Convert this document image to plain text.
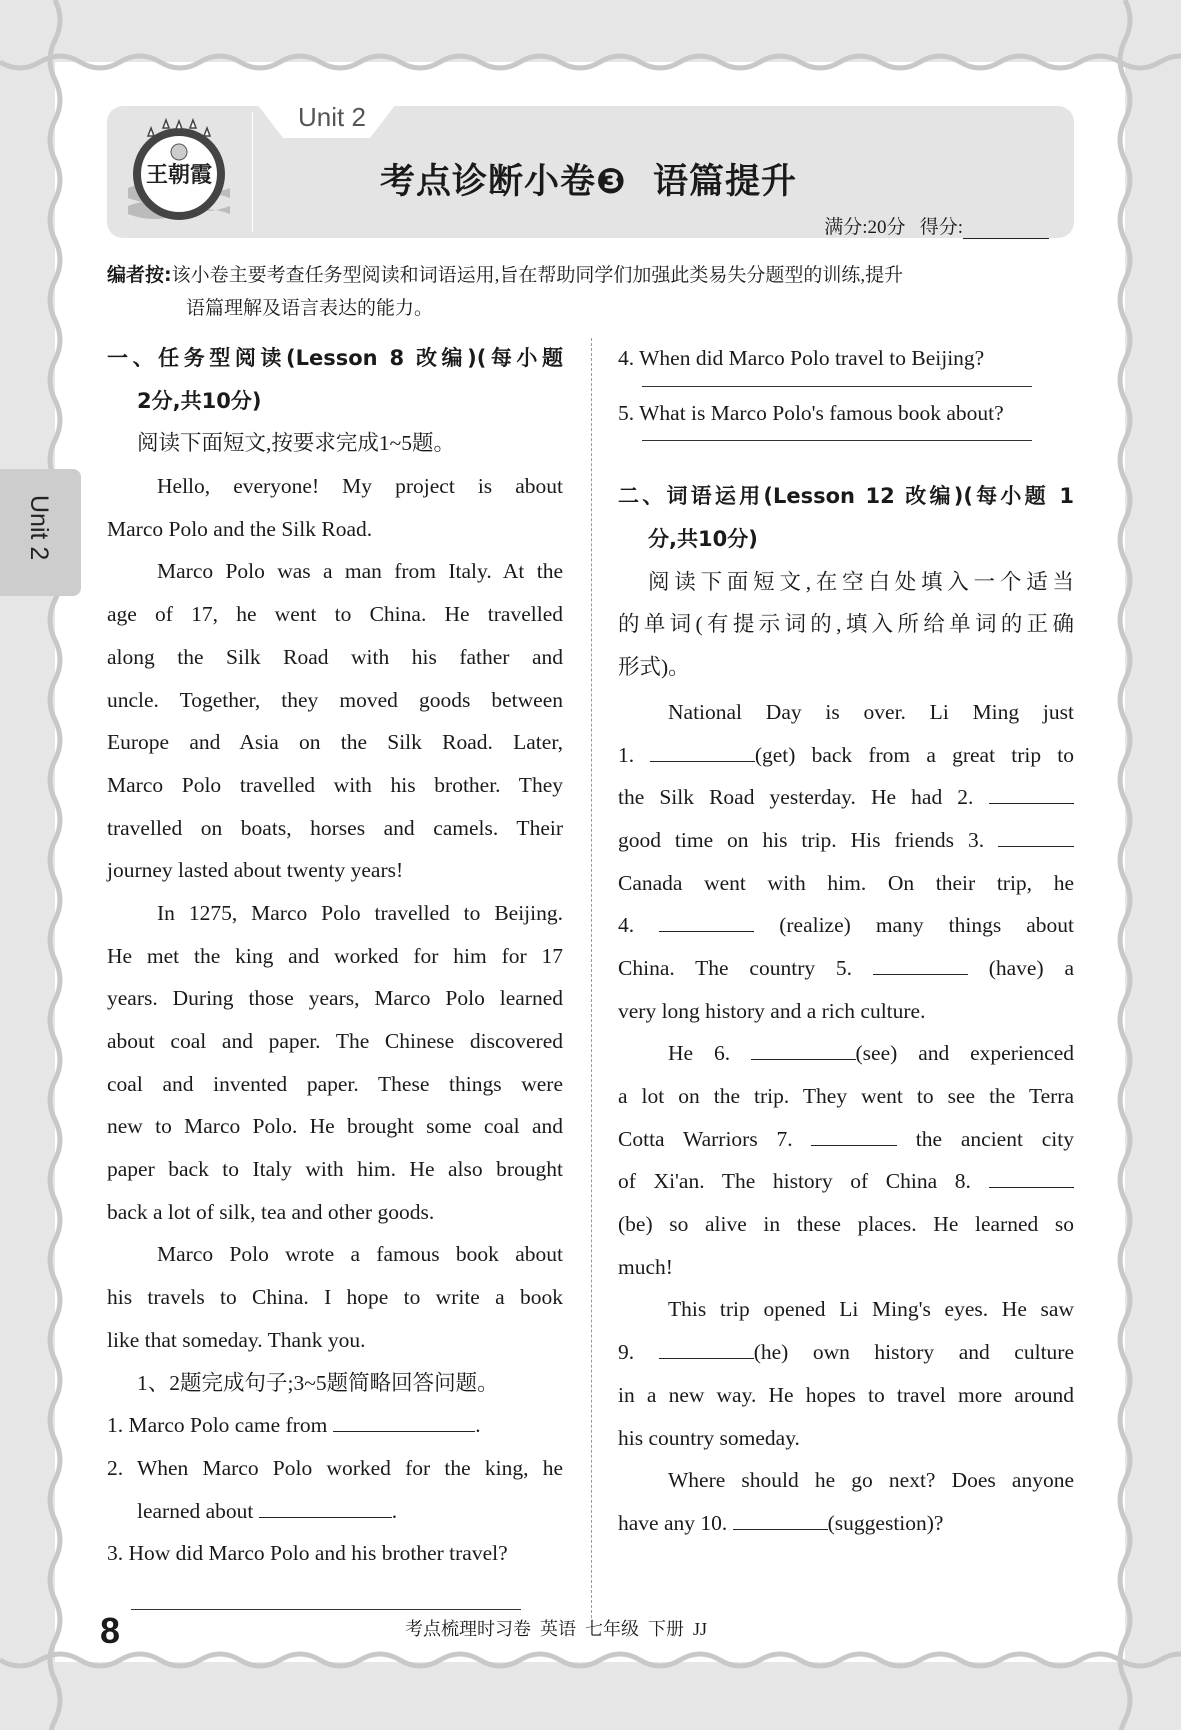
Unit 2
王朝霞	考点诊断小卷❸  语篇提升
满分:20分 得分:
编者按:该小卷主要考查任务型阅读和词语运用,旨在帮助同学们加强此类易失分题型的训练,提升
语篇理解及语言表达的能力。
Unit 2
一、任务型阅读(Lesson 8 改编)(每小题
2分,共10分)
阅读下面短文,按要求完成1~5题。
Hello, everyone! My project is about
Marco Polo and the Silk Road.
Marco Polo was a man from Italy. At the
age of 17, he went to China. He travelled
along the Silk Road with his father and
uncle. Together, they moved goods between
Europe and Asia on the Silk Road. Later,
Marco Polo travelled with his brother. They
travelled on boats, horses and camels. Their
journey lasted about twenty years!
In 1275, Marco Polo travelled to Beijing.
He met the king and worked for him for 17
years. During those years, Marco Polo learned
about coal and paper. The Chinese discovered
coal and invented paper. These things were
new to Marco Polo. He brought some coal and
paper back to Italy with him. He also brought
back a lot of silk, tea and other goods.
Marco Polo wrote a famous book about
his travels to China. I hope to write a book
like that someday. Thank you.
1、2题完成句子;3~5题简略回答问题。
1. Marco Polo came from	.
2. When Marco Polo worked for the king, he
learned about	.
3. How did Marco Polo and his brother travel?
4. When did Marco Polo travel to Beijing?
5. What is Marco Polo's famous book about?
二、词语运用(Lesson 12 改编)(每小题 1
分,共10分)
阅读下面短文,在空白处填入一个适当
的单词(有提示词的,填入所给单词的正确
形式)。
National Day is over. Li Ming just
1.	(get) back from a great trip to
the Silk Road yesterday. He had 2.
good time on his trip. His friends 3.
Canada went with him. On their trip, he
4.	(realize) many things about
China. The country 5.	(have) a
very long history and a rich culture.
He 6.	(see) and experienced
a lot on the trip. They went to see the Terra
Cotta Warriors 7.	the ancient city
of Xi'an. The history of China 8.
(be) so alive in these places. He learned so
much!
This trip opened Li Ming's eyes. He saw
9.	(he) own history and culture
in a new way. He hopes to travel more around
his country someday.
Where should he go next? Does anyone
have any 10.	(suggestion)?
8	考点梳理时习卷  英语  七年级  下册  JJ
